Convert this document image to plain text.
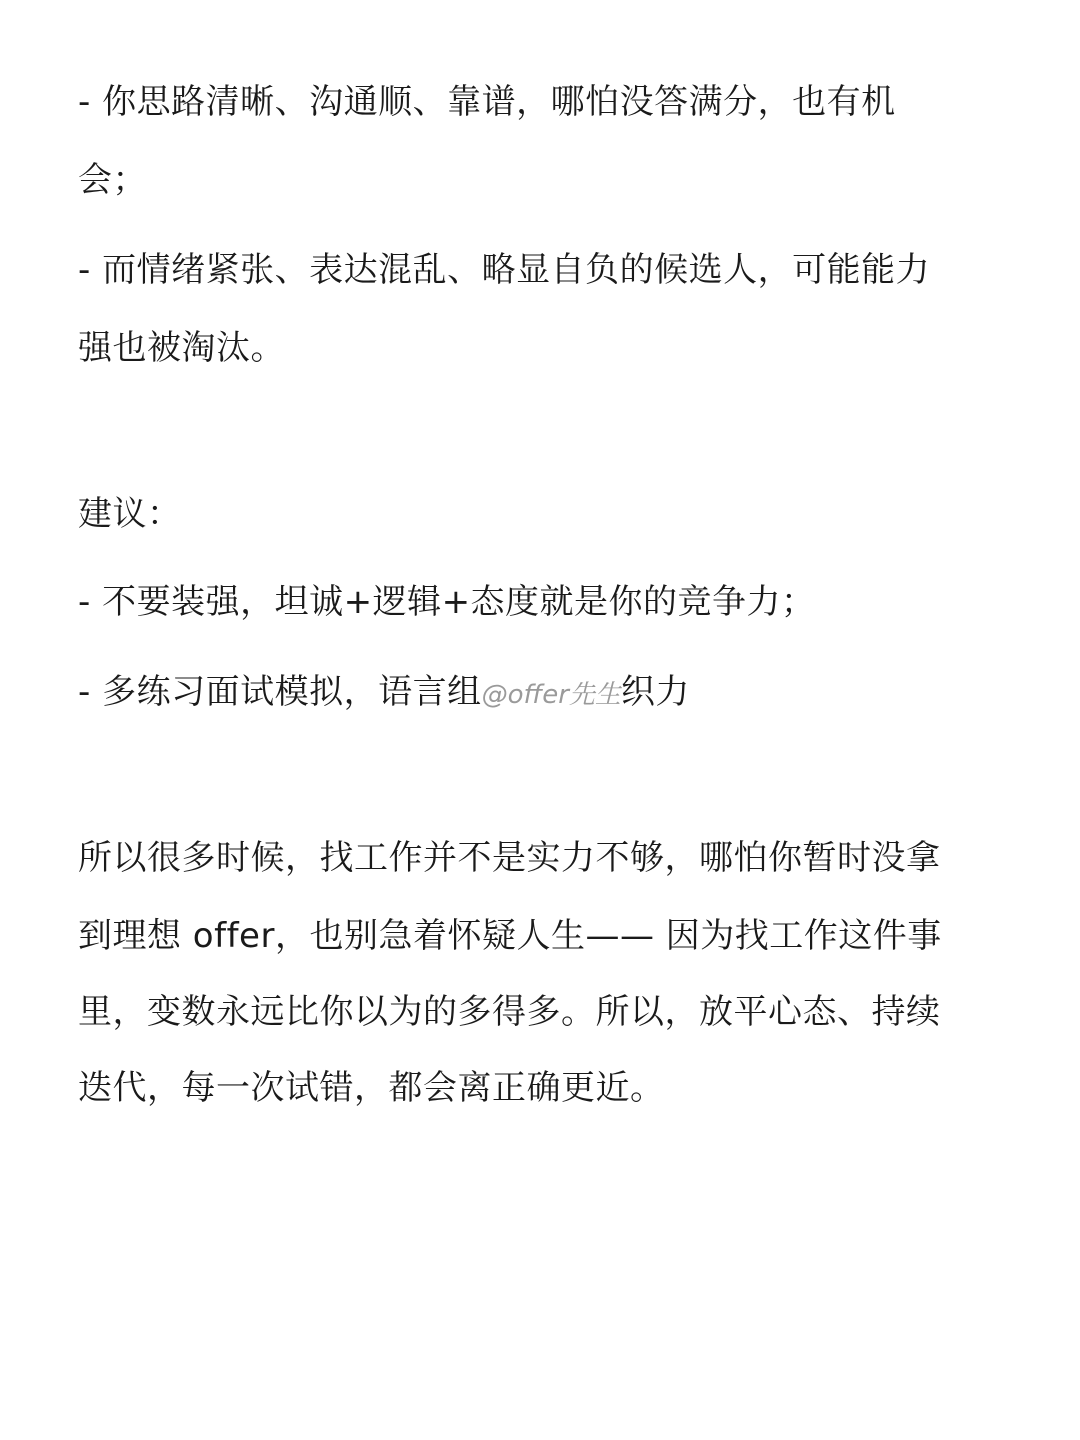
- 你思路清晰、沟通顺、靠谱，哪怕没答满分，也有机
会；
- 而情绪紧张、表达混乱、略显自负的候选人，可能能力
强也被淘汰。
建议：
- 不要装强，坦诚+逻辑+态度就是你的竞争力；
- 多练习面试模拟，语言组@offer先生织力
所以很多时候，找工作并不是实力不够，哪怕你暂时没拿
到理想 offer，也别急着怀疑人生—— 因为找工作这件事
里，变数永远比你以为的多得多。所以，放平心态、持续
迭代，每一次试错，都会离正确更近。
